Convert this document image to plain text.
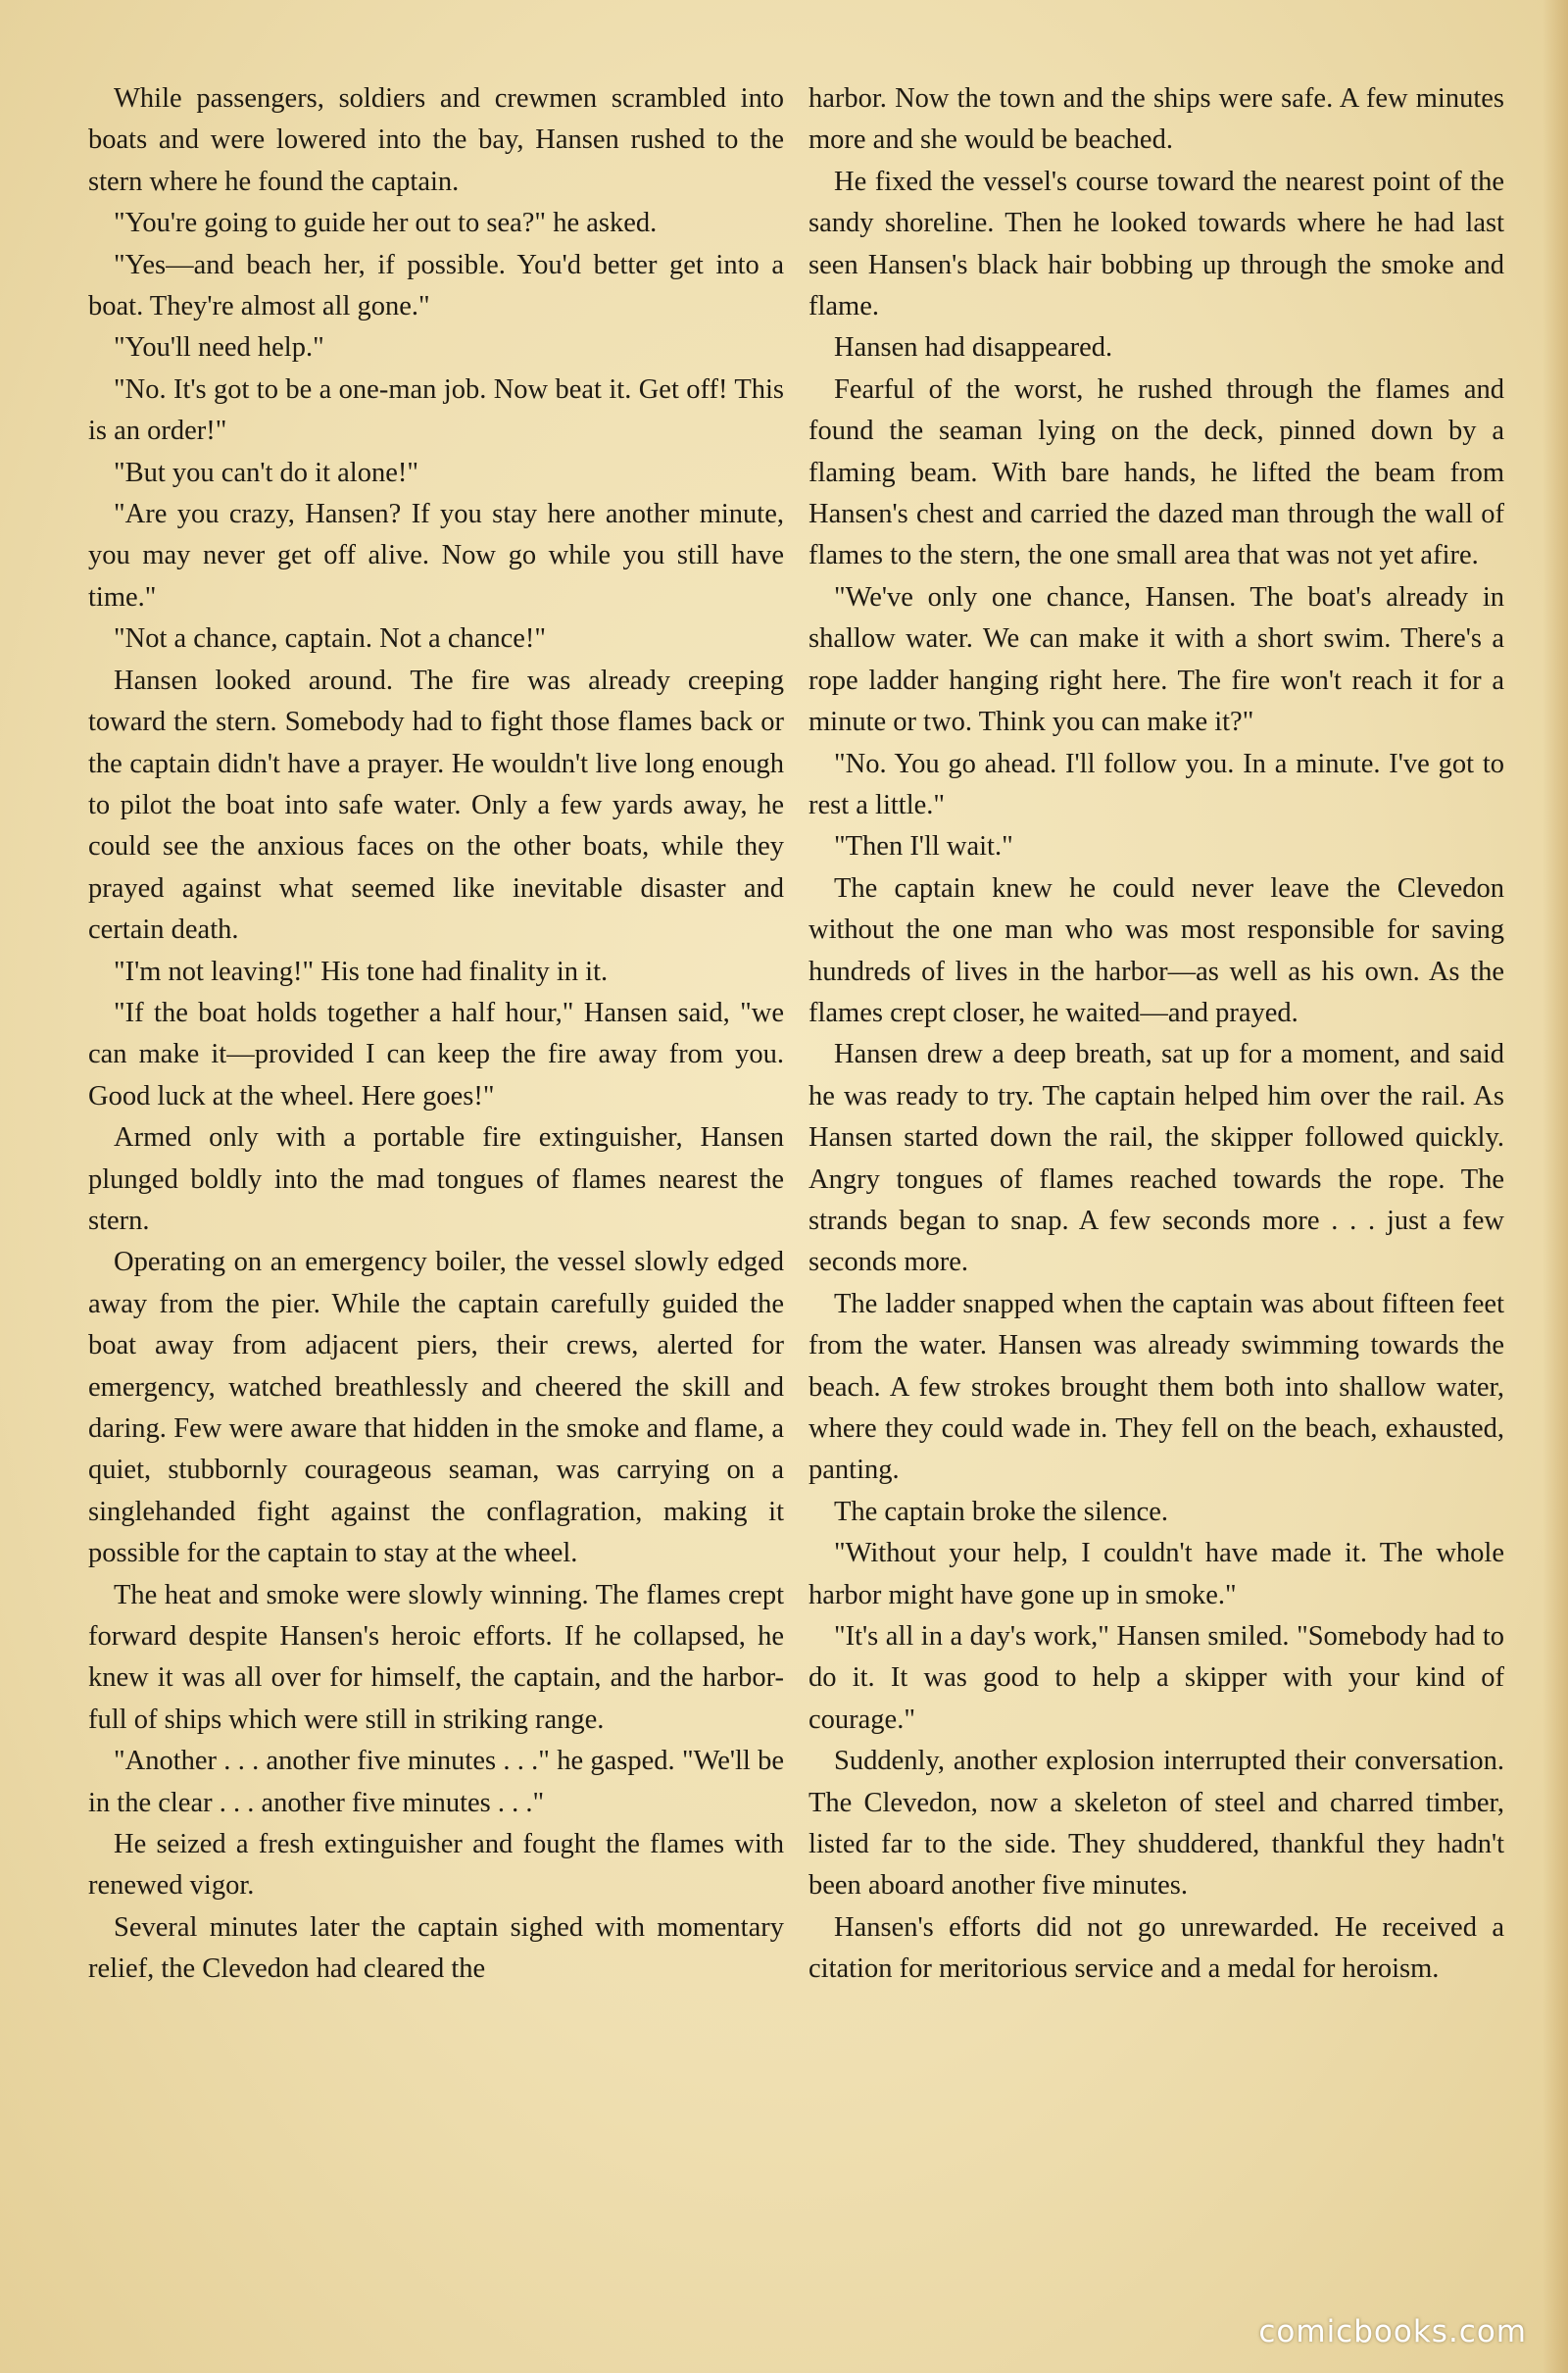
While passengers, soldiers and crewmen scrambled into boats and were lowered into the bay, Hansen rushed to the stern where he found the captain.

"You're going to guide her out to sea?" he asked.

"Yes—and beach her, if possible. You'd better get into a boat. They're almost all gone."

"You'll need help."

"No. It's got to be a one-man job. Now beat it. Get off! This is an order!"

"But you can't do it alone!"

"Are you crazy, Hansen? If you stay here another minute, you may never get off alive. Now go while you still have time."

"Not a chance, captain. Not a chance!"

Hansen looked around. The fire was already creeping toward the stern. Somebody had to fight those flames back or the captain didn't have a prayer. He wouldn't live long enough to pilot the boat into safe water. Only a few yards away, he could see the anxious faces on the other boats, while they prayed against what seemed like inevitable disaster and certain death.

"I'm not leaving!" His tone had finality in it.

"If the boat holds together a half hour," Hansen said, "we can make it—provided I can keep the fire away from you. Good luck at the wheel. Here goes!"

Armed only with a portable fire extinguisher, Hansen plunged boldly into the mad tongues of flames nearest the stern.

Operating on an emergency boiler, the vessel slowly edged away from the pier. While the captain carefully guided the boat away from adjacent piers, their crews, alerted for emergency, watched breathlessly and cheered the skill and daring. Few were aware that hidden in the smoke and flame, a quiet, stubbornly courageous seaman, was carrying on a singlehanded fight against the conflagration, making it possible for the captain to stay at the wheel.

The heat and smoke were slowly winning. The flames crept forward despite Hansen's heroic efforts. If he collapsed, he knew it was all over for himself, the captain, and the harbor-full of ships which were still in striking range.

"Another . . . another five minutes . . ." he gasped. "We'll be in the clear . . . another five minutes . . ."

He seized a fresh extinguisher and fought the flames with renewed vigor.

Several minutes later the captain sighed with momentary relief, the Clevedon had cleared the

harbor. Now the town and the ships were safe. A few minutes more and she would be beached.

He fixed the vessel's course toward the nearest point of the sandy shoreline. Then he looked towards where he had last seen Hansen's black hair bobbing up through the smoke and flame.

Hansen had disappeared.

Fearful of the worst, he rushed through the flames and found the seaman lying on the deck, pinned down by a flaming beam. With bare hands, he lifted the beam from Hansen's chest and carried the dazed man through the wall of flames to the stern, the one small area that was not yet afire.

"We've only one chance, Hansen. The boat's already in shallow water. We can make it with a short swim. There's a rope ladder hanging right here. The fire won't reach it for a minute or two. Think you can make it?"

"No. You go ahead. I'll follow you. In a minute. I've got to rest a little."

"Then I'll wait."

The captain knew he could never leave the Clevedon without the one man who was most responsible for saving hundreds of lives in the harbor—as well as his own. As the flames crept closer, he waited—and prayed.

Hansen drew a deep breath, sat up for a moment, and said he was ready to try. The captain helped him over the rail. As Hansen started down the rail, the skipper followed quickly. Angry tongues of flames reached towards the rope. The strands began to snap. A few seconds more . . . just a few seconds more.

The ladder snapped when the captain was about fifteen feet from the water. Hansen was already swimming towards the beach. A few strokes brought them both into shallow water, where they could wade in. They fell on the beach, exhausted, panting.

The captain broke the silence.

"Without your help, I couldn't have made it. The whole harbor might have gone up in smoke."

"It's all in a day's work," Hansen smiled. "Somebody had to do it. It was good to help a skipper with your kind of courage."

Suddenly, another explosion interrupted their conversation. The Clevedon, now a skeleton of steel and charred timber, listed far to the side. They shuddered, thankful they hadn't been aboard another five minutes.

Hansen's efforts did not go unrewarded. He received a citation for meritorious service and a medal for heroism.

comicbooks.com
